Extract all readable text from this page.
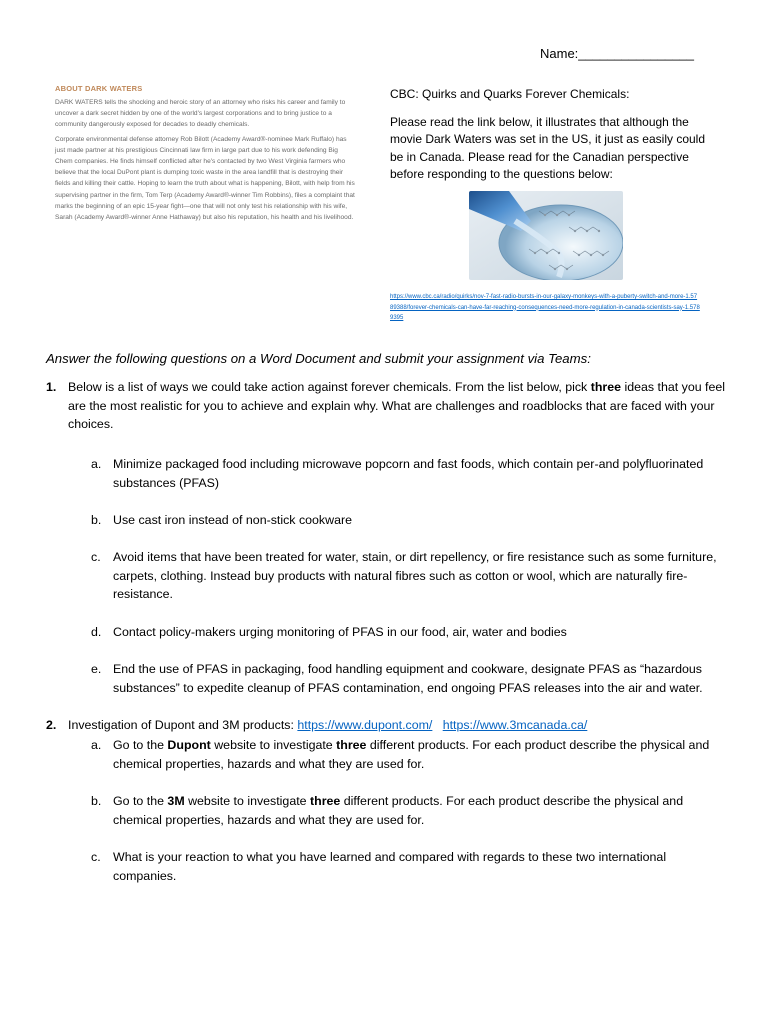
Name:________________
ABOUT DARK WATERS

DARK WATERS tells the shocking and heroic story of an attorney who risks his career and family to uncover a dark secret hidden by one of the world's largest corporations and to bring justice to a community dangerously exposed for decades to deadly chemicals.

Corporate environmental defense attorney Rob Bilott (Academy Award®-nominee Mark Ruffalo) has just made partner at his prestigious Cincinnati law firm in large part due to his work defending Big Chem companies. He finds himself conflicted after he's contacted by two West Virginia farmers who believe that the local DuPont plant is dumping toxic waste in the area landfill that is destroying their fields and killing their cattle. Hoping to learn the truth about what is happening, Bilott, with help from his supervising partner in the firm, Tom Terp (Academy Award®-winner Tim Robbins), files a complaint that marks the beginning of an epic 15-year fight—one that will not only test his relationship with his wife, Sarah (Academy Award®-winner Anne Hathaway) but also his reputation, his health and his livelihood.

CBC: Quirks and Quarks Forever Chemicals:

Please read the link below, it illustrates that although the movie Dark Waters was set in the US, it just as easily could be in Canada. Please read for the Canadian perspective before responding to the questions below:

https://www.cbc.ca/radio/quirks/nov-7-fast-radio-bursts-in-our-galaxy-monkeys-with-a-puberty-switch-and-more-1.5789388/forever-chemicals-can-have-far-reaching-consequences-need-more-regulation-in-canada-scientists-say-1.5789395
Answer the following questions on a Word Document and submit your assignment via Teams:
1. Below is a list of ways we could take action against forever chemicals. From the list below, pick three ideas that you feel are the most realistic for you to achieve and explain why. What are challenges and roadblocks that are faced with your choices.
a. Minimize packaged food including microwave popcorn and fast foods, which contain per-and polyfluorinated substances (PFAS)
b. Use cast iron instead of non-stick cookware
c. Avoid items that have been treated for water, stain, or dirt repellency, or fire resistance such as some furniture, carpets, clothing. Instead buy products with natural fibres such as cotton or wool, which are naturally fire-resistance.
d. Contact policy-makers urging monitoring of PFAS in our food, air, water and bodies
e. End the use of PFAS in packaging, food handling equipment and cookware, designate PFAS as “hazardous substances” to expedite cleanup of PFAS contamination, end ongoing PFAS releases into the air and water.
2. Investigation of Dupont and 3M products: https://www.dupont.com/ https://www.3mcanada.ca/
a. Go to the Dupont website to investigate three different products. For each product describe the physical and chemical properties, hazards and what they are used for.
b. Go to the 3M website to investigate three different products. For each product describe the physical and chemical properties, hazards and what they are used for.
c. What is your reaction to what you have learned and compared with regards to these two international companies.
